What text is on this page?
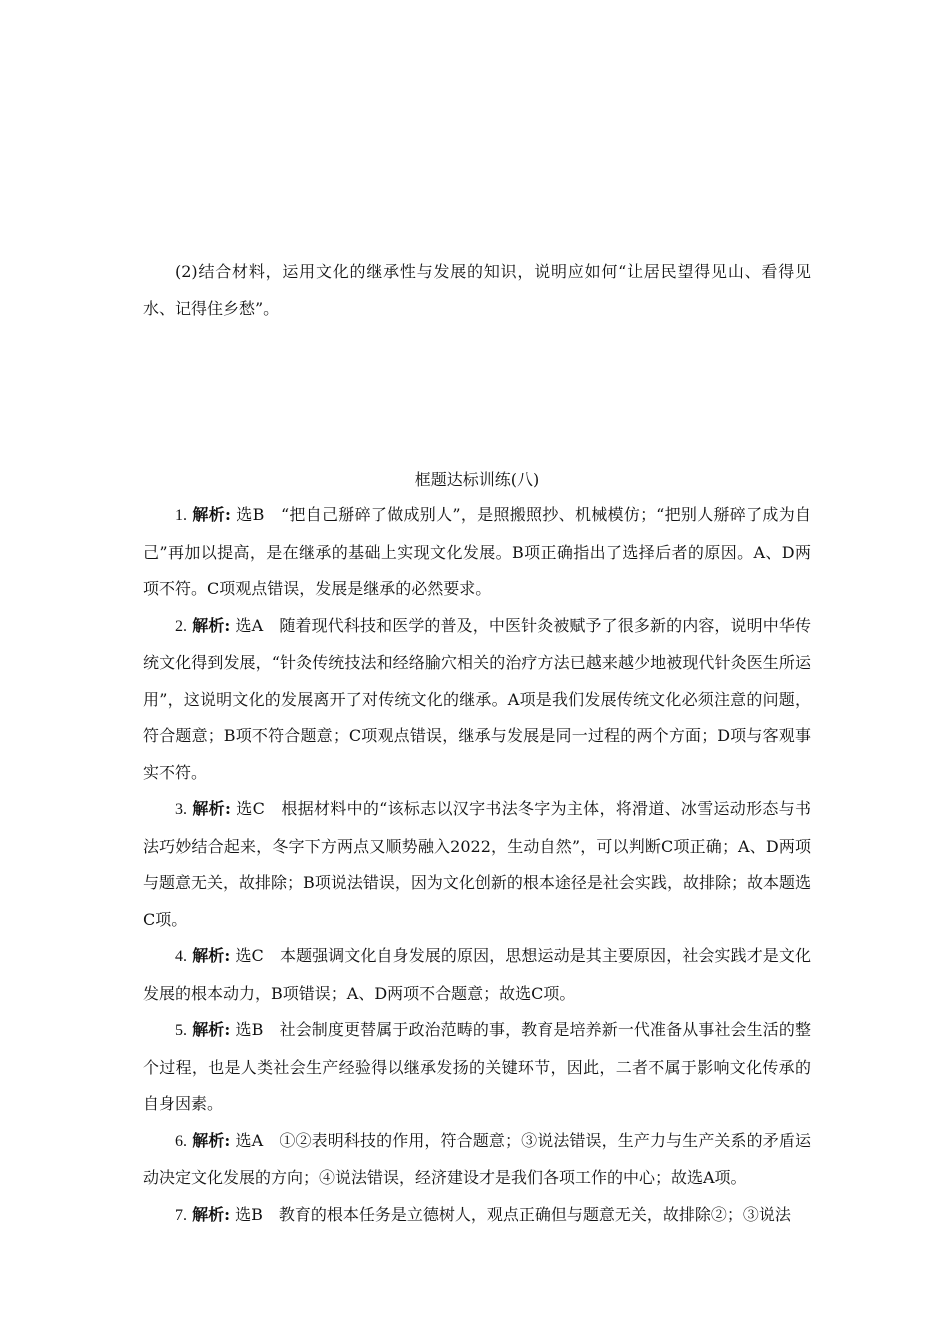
(2)结合材料，运用文化的继承性与发展的知识，说明应如何“让居民望得见山、看得见水、记得住乡愁”。

框题达标训练(八)

1. 解析: 选B　“把自己掰碎了做成别人”，是照搬照抄、机械模仿；“把别人掰碎了成为自己”再加以提高，是在继承的基础上实现文化发展。B项正确指出了选择后者的原因。A、D两项不符。C项观点错误，发展是继承的必然要求。

2. 解析: 选A　随着现代科技和医学的普及，中医针灸被赋予了很多新的内容，说明中华传统文化得到发展，“针灸传统技法和经络腧穴相关的治疗方法已越来越少地被现代针灸医生所运用”，这说明文化的发展离开了对传统文化的继承。A项是我们发展传统文化必须注意的问题，符合题意；B项不符合题意；C项观点错误，继承与发展是同一过程的两个方面；D项与客观事实不符。

3. 解析: 选C　根据材料中的“该标志以汉字书法冬字为主体，将滑道、冰雪运动形态与书法巧妙结合起来，冬字下方两点又顺势融入2022，生动自然”，可以判断C项正确；A、D两项与题意无关，故排除；B项说法错误，因为文化创新的根本途径是社会实践，故排除；故本题选C项。

4. 解析: 选C　本题强调文化自身发展的原因，思想运动是其主要原因，社会实践才是文化发展的根本动力，B项错误；A、D两项不合题意；故选C项。

5. 解析: 选B　社会制度更替属于政治范畴的事，教育是培养新一代准备从事社会生活的整个过程，也是人类社会生产经验得以继承发扬的关键环节，因此，二者不属于影响文化传承的自身因素。

6. 解析: 选A　①②表明科技的作用，符合题意；③说法错误，生产力与生产关系的矛盾运动决定文化发展的方向；④说法错误，经济建设才是我们各项工作的中心；故选A项。

7. 解析: 选B　教育的根本任务是立德树人，观点正确但与题意无关，故排除②；③说法
